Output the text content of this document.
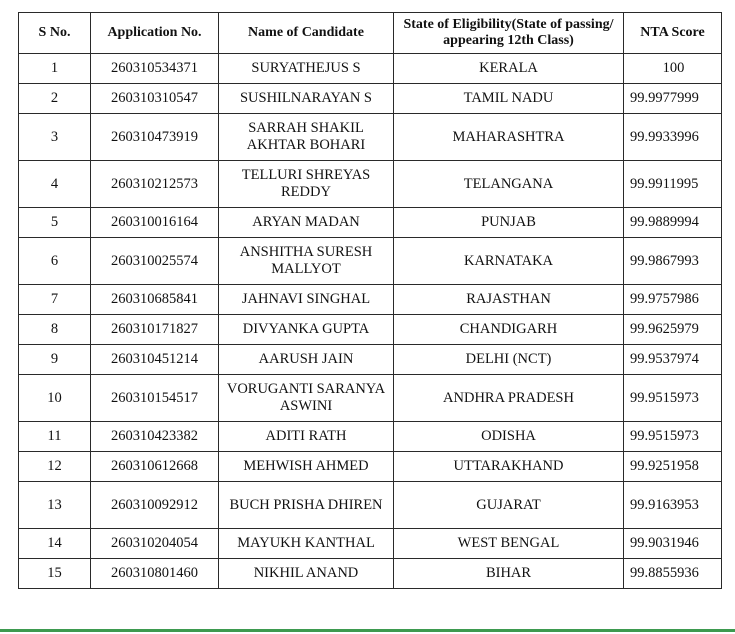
S No.	Application No.	Name of Candidate	State of Eligibility(State of passing/ appearing 12th Class)	NTA Score
1	260310534371	SURYATHEJUS S	KERALA	100
2	260310310547	SUSHILNARAYAN S	TAMIL NADU	99.9977999
3	260310473919	SARRAH SHAKIL AKHTAR BOHARI	MAHARASHTRA	99.9933996
4	260310212573	TELLURI SHREYAS REDDY	TELANGANA	99.9911995
5	260310016164	ARYAN MADAN	PUNJAB	99.9889994
6	260310025574	ANSHITHA SURESH MALLYOT	KARNATAKA	99.9867993
7	260310685841	JAHNAVI SINGHAL	RAJASTHAN	99.9757986
8	260310171827	DIVYANKA GUPTA	CHANDIGARH	99.9625979
9	260310451214	AARUSH JAIN	DELHI (NCT)	99.9537974
10	260310154517	VORUGANTI SARANYA ASWINI	ANDHRA PRADESH	99.9515973
11	260310423382	ADITI RATH	ODISHA	99.9515973
12	260310612668	MEHWISH AHMED	UTTARAKHAND	99.9251958
13	260310092912	BUCH PRISHA DHIREN	GUJARAT	99.9163953
14	260310204054	MAYUKH KANTHAL	WEST BENGAL	99.9031946
15	260310801460	NIKHIL ANAND	BIHAR	99.8855936
